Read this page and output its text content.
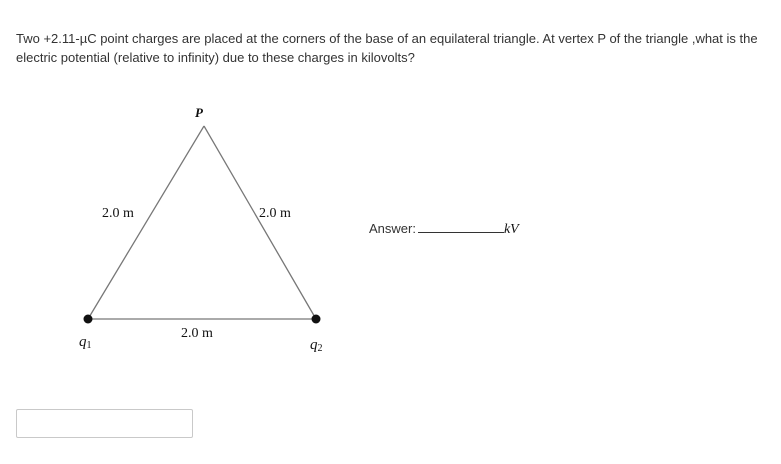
Two +2.11-µC point charges are placed at the corners of the base of an equilateral triangle. At vertex P of the triangle ,what is the electric potential (relative to infinity) due to these charges in kilovolts?

P
2.0 m	2.0 m
2.0 m
q1	q2
Answer:	kV
